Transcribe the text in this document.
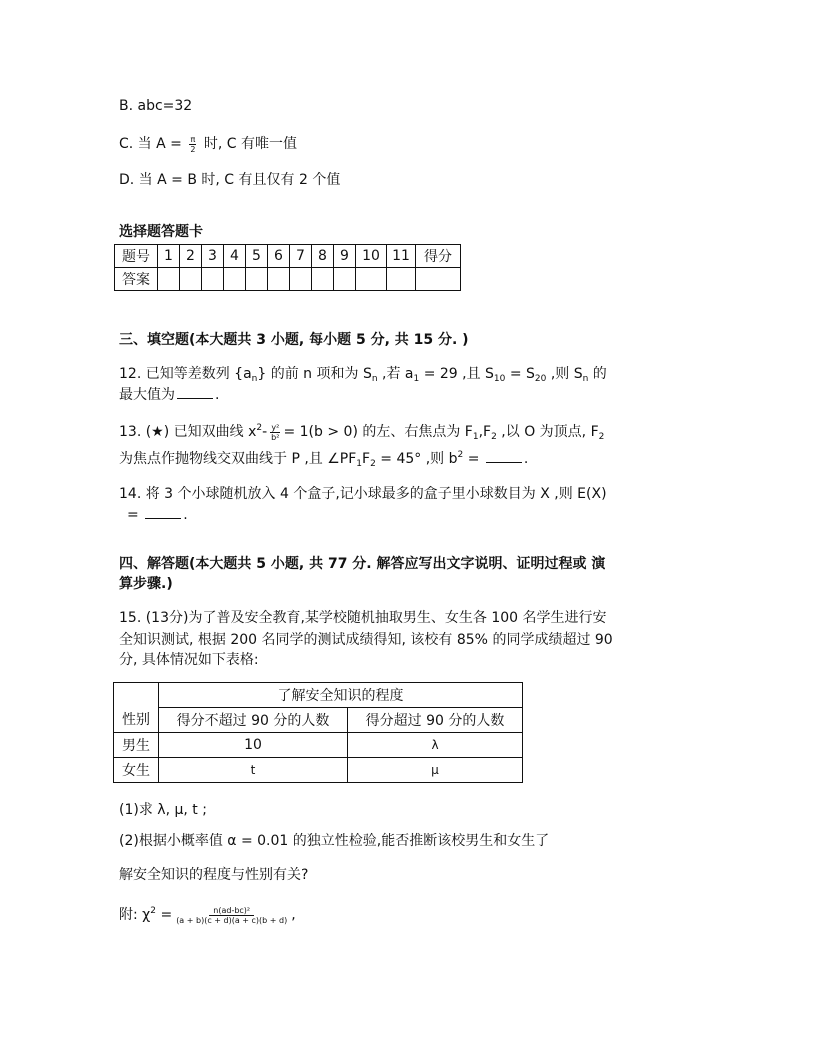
B. abc=32
C. 当 $A = \frac{\pi}{2}$ 时, C 有唯一值
D. 当 A = B 时, C 有且仅有 2 个值
选择题答题卡
题号	1	2	3	4	5	6	7	8	9	10	11	得分
答案												
三、填空题(本大题共 3 小题, 每小题 5 分, 共 15 分. )
12. 已知等差数列 $\{a_n\}$ 的前 n 项和为 $S_n$ ,若 $a_1 = 29$ ,且 $S_{10} = S_{20}$ ,则 $S_n$ 的
最大值为	.
13. (★) 已知双曲线 $x^2- \frac{\text{y²}}{\text{b²}} = 1(b > 0)$ 的左、右焦点为 $F_1,F_2$ ,以 O 为顶点, $F_2$
为焦点作抛物线交双曲线于 P ,且 $\angle PF_1F_2 = 45^\circ$ ,则 $b^2$ =	.
14. 将 3 个小球随机放入 4 个盒子,记小球最多的盒子里小球数目为 X ,则 E(X)
=	.
四、解答题(本大题共 5 小题, 共 77 分. 解答应写出文字说明、证明过程或 演
算步骤.)
15. (13分)为了普及安全教育,某学校随机抽取男生、女生各 100 名学生进行安
全知识测试, 根据 200 名同学的测试成绩得知, 该校有 85% 的同学成绩超过 90
分, 具体情况如下表格:
性别	了解安全知识的程度	
	得分不超过 90 分的人数	得分超过 90 分的人数
男生	10	λ
女生	t	μ
(1)求 λ, μ, t ;
(2)根据小概率值 α = 0.01 的独立性检验,能否推断该校男生和女生了
解安全知识的程度与性别有关?
附: $\chi^2 = \frac{\text{n(ad-bc)²}}{(a + b)(c + d)(a + c)(b + d)}$ ,
